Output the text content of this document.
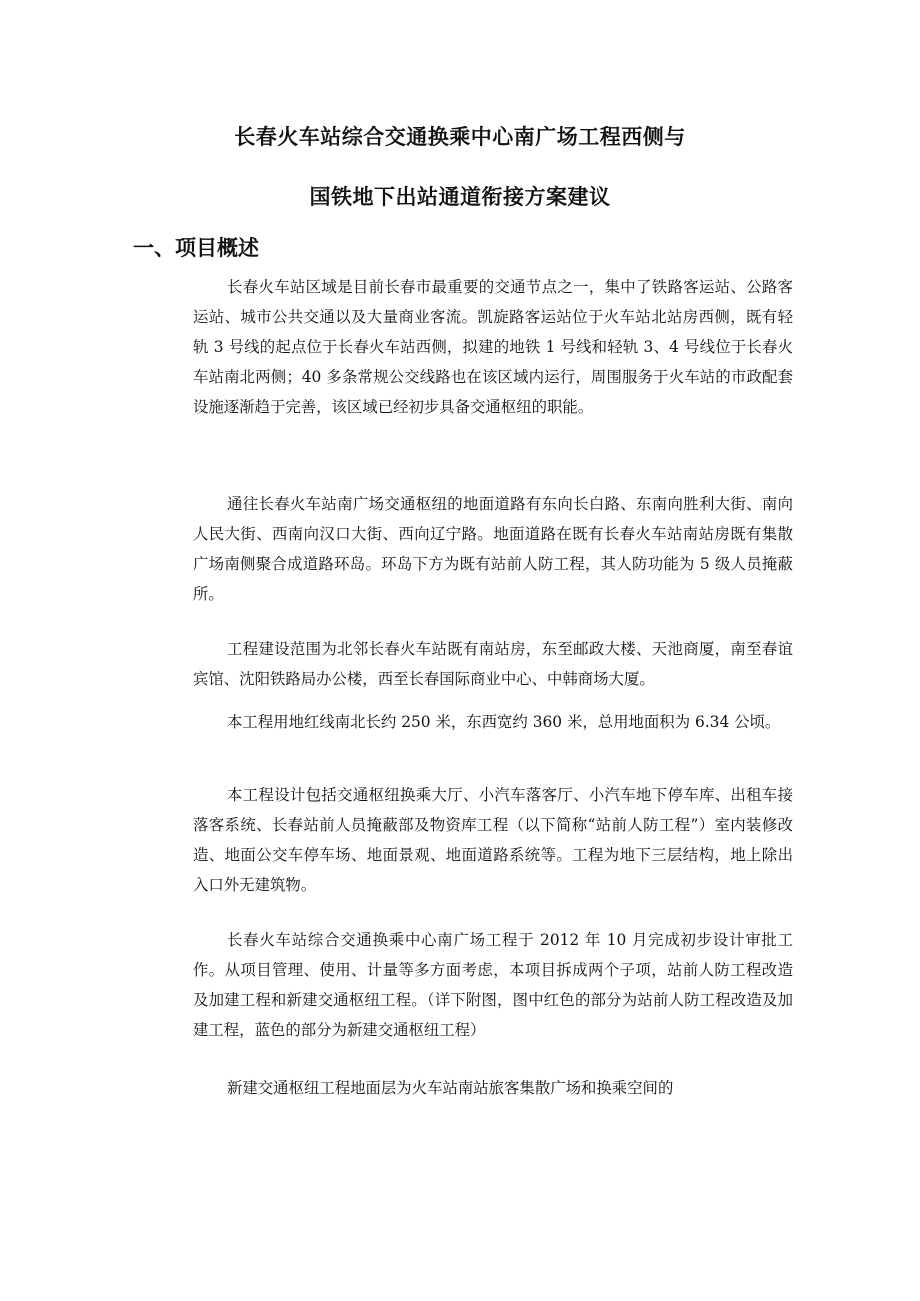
长春火车站综合交通换乘中心南广场工程西侧与
国铁地下出站通道衔接方案建议
一、项目概述

长春火车站区域是目前长春市最重要的交通节点之一，集中了铁路客运站、公路客运站、城市公共交通以及大量商业客流。凯旋路客运站位于火车站北站房西侧，既有轻轨 3 号线的起点位于长春火车站西侧，拟建的地铁 1 号线和轻轨 3、4 号线位于长春火车站南北两侧；40 多条常规公交线路也在该区域内运行，周围服务于火车站的市政配套设施逐渐趋于完善，该区域已经初步具备交通枢纽的职能。

通往长春火车站南广场交通枢纽的地面道路有东向长白路、东南向胜利大街、南向人民大街、西南向汉口大街、西向辽宁路。地面道路在既有长春火车站南站房既有集散广场南侧聚合成道路环岛。环岛下方为既有站前人防工程，其人防功能为 5 级人员掩蔽所。

工程建设范围为北邻长春火车站既有南站房，东至邮政大楼、天池商厦，南至春谊宾馆、沈阳铁路局办公楼，西至长春国际商业中心、中韩商场大厦。

本工程用地红线南北长约 250 米，东西宽约 360 米，总用地面积为 6.34 公顷。

本工程设计包括交通枢纽换乘大厅、小汽车落客厅、小汽车地下停车库、出租车接落客系统、长春站前人员掩蔽部及物资库工程（以下简称“站前人防工程”）室内装修改造、地面公交车停车场、地面景观、地面道路系统等。工程为地下三层结构，地上除出入口外无建筑物。

长春火车站综合交通换乘中心南广场工程于 2012 年 10 月完成初步设计审批工作。从项目管理、使用、计量等多方面考虑，本项目拆成两个子项，站前人防工程改造及加建工程和新建交通枢纽工程。（详下附图，图中红色的部分为站前人防工程改造及加建工程，蓝色的部分为新建交通枢纽工程）

新建交通枢纽工程地面层为火车站南站旅客集散广场和换乘空间的
